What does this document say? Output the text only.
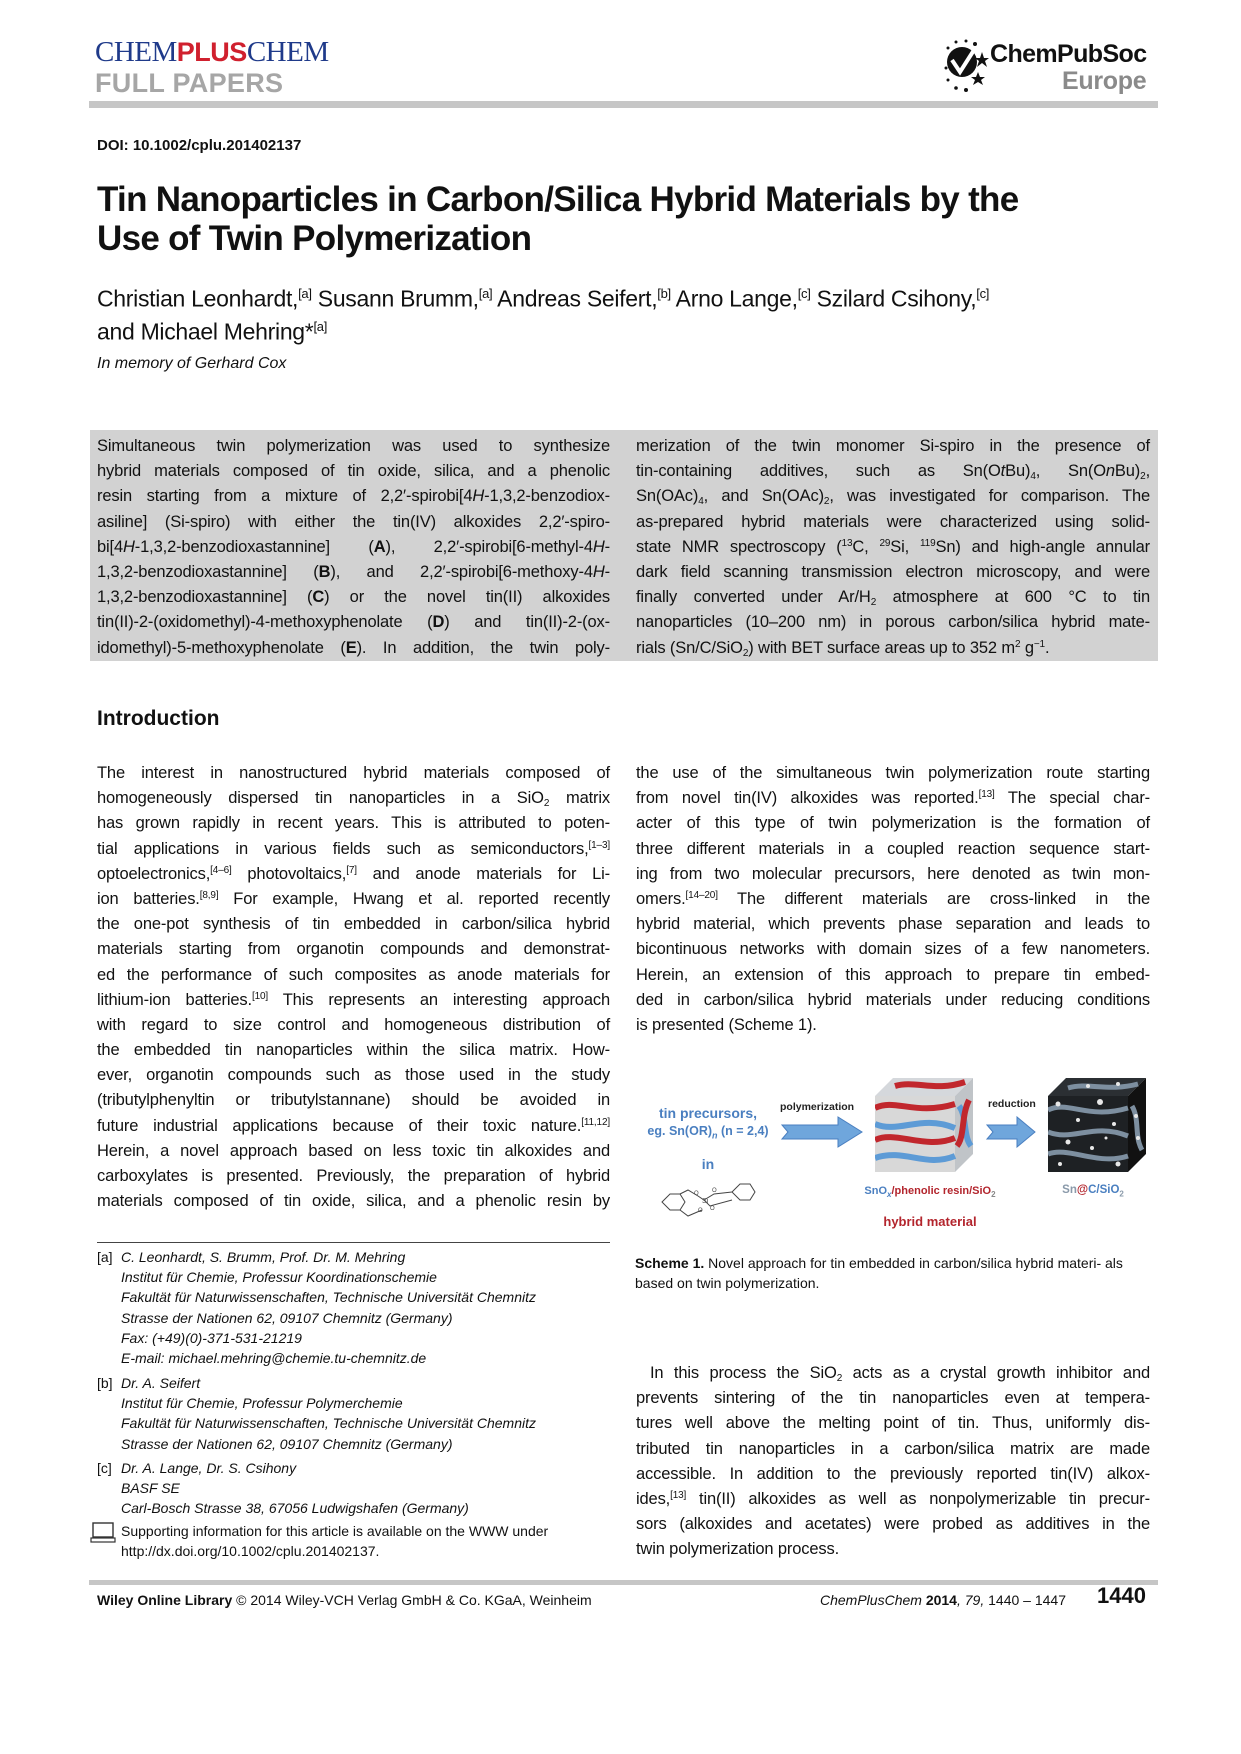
CHEMPLUSCHEM
FULL PAPERS
ChemPubSoc
Europe
DOI: 10.1002/cplu.201402137
Tin Nanoparticles in Carbon/Silica Hybrid Materials by the
Use of Twin Polymerization
Christian Leonhardt,[a] Susann Brumm,[a] Andreas Seifert,[b] Arno Lange,[c] Szilard Csihony,[c]
and Michael Mehring*[a]
In memory of Gerhard Cox
Simultaneous twin polymerization was used to synthesize
hybrid materials composed of tin oxide, silica, and a phenolic
resin starting from a mixture of 2,2′-spirobi[4H-1,3,2-benzodiox-
asiline] (Si-spiro) with either the tin(IV) alkoxides 2,2′-spiro-
bi[4H-1,3,2-benzodioxastannine] (A), 2,2′-spirobi[6-methyl-4H-
1,3,2-benzodioxastannine] (B), and 2,2′-spirobi[6-methoxy-4H-
1,3,2-benzodioxastannine] (C) or the novel tin(II) alkoxides
tin(II)-2-(oxidomethyl)-4-methoxyphenolate (D) and tin(II)-2-(ox-
idomethyl)-5-methoxyphenolate (E). In addition, the twin poly-
merization of the twin monomer Si-spiro in the presence of
tin-containing additives, such as $Sn(OtBu)_4$, $Sn(OnBu)_2$,
$Sn(OAc)_4$, and $Sn(OAc)_2$, was investigated for comparison. The
as-prepared hybrid materials were characterized using solid-
state NMR spectroscopy ($^{13}$C, $^{29}$Si, $^{119}$Sn) and high-angle annular
dark field scanning transmission electron microscopy, and were
finally converted under $Ar/H_2$ atmosphere at 600 °C to tin
nanoparticles (10–200 nm) in porous carbon/silica hybrid mate-
rials (Sn/C/SiO$_2$) with BET surface areas up to 352 $m^2$ $g^{-1}$.
Introduction
The interest in nanostructured hybrid materials composed of
homogeneously dispersed tin nanoparticles in a SiO$_2$ matrix
has grown rapidly in recent years. This is attributed to poten-
tial applications in various fields such as semiconductors,[1–3]
optoelectronics,[4–6] photovoltaics,[7] and anode materials for Li-
ion batteries.[8,9] For example, Hwang et al. reported recently
the one-pot synthesis of tin embedded in carbon/silica hybrid
materials starting from organotin compounds and demonstrat-
ed the performance of such composites as anode materials for
lithium-ion batteries.[10] This represents an interesting approach
with regard to size control and homogeneous distribution of
the embedded tin nanoparticles within the silica matrix. How-
ever, organotin compounds such as those used in the study
(tributylphenyltin or tributylstannane) should be avoided in
future industrial applications because of their toxic nature.[11,12]
Herein, a novel approach based on less toxic tin alkoxides and
carboxylates is presented. Previously, the preparation of hybrid
materials composed of tin oxide, silica, and a phenolic resin by
the use of the simultaneous twin polymerization route starting
from novel tin(IV) alkoxides was reported.[13] The special char-
acter of this type of twin polymerization is the formation of
three different materials in a coupled reaction sequence start-
ing from two molecular precursors, here denoted as twin mon-
omers.[14–20] The different materials are cross-linked in the
hybrid material, which prevents phase separation and leads to
bicontinuous networks with domain sizes of a few nanometers.
Herein, an extension of this approach to prepare tin embed-
ded in carbon/silica hybrid materials under reducing conditions
is presented (Scheme 1).
In this process the SiO$_2$ acts as a crystal growth inhibitor and
prevents sintering of the tin nanoparticles even at tempera-
tures well above the melting point of tin. Thus, uniformly dis-
tributed tin nanoparticles in a carbon/silica matrix are made
accessible. In addition to the previously reported tin(IV) alkox-
ides,[13] tin(II) alkoxides as well as nonpolymerizable tin precur-
sors (alkoxides and acetates) were probed as additives in the
twin polymerization process.
tin precursors,
eg. $Sn(OR)_n$ (n = 2,4)
in
Si
O O
O O
polymerization
SnO$_x$/phenolic resin/SiO$_2$
hybrid material
reduction
Sn@C/SiO$_2$
Scheme 1. Novel approach for tin embedded in carbon/silica hybrid materi- als based on twin polymerization.
[a] C. Leonhardt, S. Brumm, Prof. Dr. M. Mehring
Institut für Chemie, Professur Koordinationschemie
Fakultät für Naturwissenschaften, Technische Universität Chemnitz
Strasse der Nationen 62, 09107 Chemnitz (Germany)
Fax: (+49)(0)-371-531-21219
E-mail: michael.mehring@chemie.tu-chemnitz.de
[b] Dr. A. Seifert
Institut für Chemie, Professur Polymerchemie
Fakultät für Naturwissenschaften, Technische Universität Chemnitz
Strasse der Nationen 62, 09107 Chemnitz (Germany)
[c] Dr. A. Lange, Dr. S. Csihony
BASF SE
Carl-Bosch Strasse 38, 67056 Ludwigshafen (Germany)
Supporting information for this article is available on the WWW under
http://dx.doi.org/10.1002/cplu.201402137.
Wiley Online Library © 2014 Wiley-VCH Verlag GmbH & Co. KGaA, Weinheim	ChemPlusChem 2014, 79, 1440 – 1447 1440
